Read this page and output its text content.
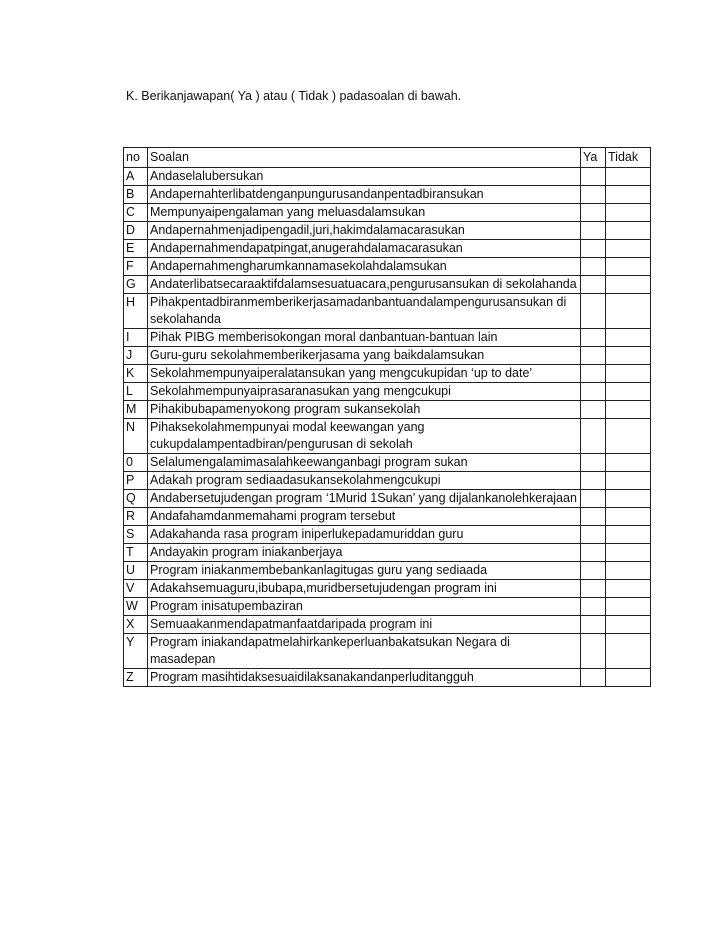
K. Berikanjawapan( Ya ) atau ( Tidak ) padasoalan di bawah.
no	Soalan	Ya	Tidak
A	Andaselalubersukan		
B	Andapernahterlibatdenganpungurusandanpentadbiransukan		
C	Mempunyaipengalaman yang meluasdalamsukan		
D	Andapernahmenjadipengadil,juri,hakimdalamacarasukan		
E	Andapernahmendapatpingat,anugerahdalamacarasukan		
F	Andapernahmengharumkannamasekolahdalamsukan		
G	Andaterlibatsecaraaktifdalamsesuatuacara,pengurusansukan di sekolahanda		
H	Pihakpentadbiranmemberikerjasamadanbantuandalampengurusansukan di sekolahanda		
I	Pihak PIBG memberisokongan moral danbantuan-bantuan lain		
J	Guru-guru sekolahmemberikerjasama yang baikdalamsukan		
K	Sekolahmempunyaiperalatansukan yang mengcukupidan ‘up to date’		
L	Sekolahmempunyaiprasaranasukan yang mengcukupi		
M	Pihakibubapamenyokong program sukansekolah		
N	Pihaksekolahmempunyai modal keewangan yang cukupdalampentadbiran/pengurusan di sekolah		
0	Selalumengalamimasalahkeewanganbagi program sukan		
P	Adakah program sediaadasukansekolahmengcukupi		
Q	Andabersetujudengan program ‘1Murid 1Sukan’ yang dijalankanolehkerajaan		
R	Andafahamdanmemahami program tersebut		
S	Adakahanda rasa program iniperlukepadamuriddan guru		
T	Andayakin program iniakanberjaya		
U	Program iniakanmembebankanlagitugas guru yang sediaada		
V	Adakahsemuaguru,ibubapa,muridbersetujudengan program ini		
W	Program inisatupembaziran		
X	Semuaakanmendapatmanfaatdaripada program ini		
Y	Program iniakandapatmelahirkankeperluanbakatsukan Negara di masadepan		
Z	Program masihtidaksesuaidilaksanakandanperluditangguh		
